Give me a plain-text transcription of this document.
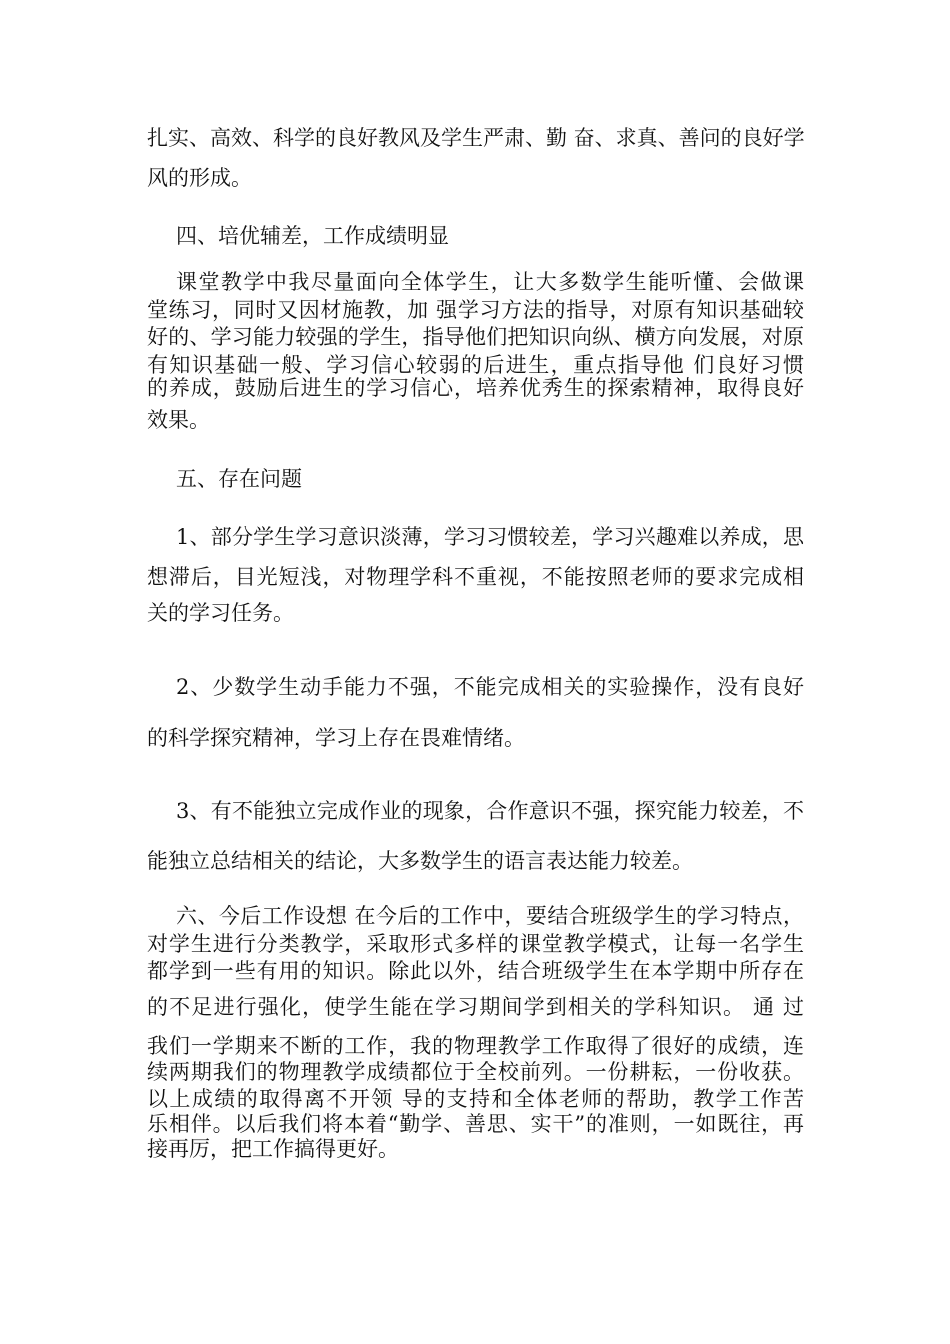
扎实、高效、科学的良好教风及学生严肃、勤 奋、求真、善问的良好学
风的形成。
四、培优辅差，工作成绩明显
课堂教学中我尽量面向全体学生，让大多数学生能听懂、会做课
堂练习，同时又因材施教，加 强学习方法的指导，对原有知识基础较
好的、学习能力较强的学生，指导他们把知识向纵、横方向发展，对原
有知识基础一般、学习信心较弱的后进生，重点指导他 们良好习惯
的养成，鼓励后进生的学习信心，培养优秀生的探索精神，取得良好
效果。
五、存在问题
1、部分学生学习意识淡薄，学习习惯较差，学习兴趣难以养成，思
想滞后，目光短浅，对物理学科不重视，不能按照老师的要求完成相
关的学习任务。
2、少数学生动手能力不强，不能完成相关的实验操作，没有良好
的科学探究精神，学习上存在畏难情绪。
3、有不能独立完成作业的现象，合作意识不强，探究能力较差，不
能独立总结相关的结论，大多数学生的语言表达能力较差。
六、今后工作设想 在今后的工作中，要结合班级学生的学习特点，
对学生进行分类教学，采取形式多样的课堂教学模式，让每一名学生
都学到一些有用的知识。除此以外，结合班级学生在本学期中所存在
的不足进行强化，使学生能在学习期间学到相关的学科知识。 通 过
我们一学期来不断的工作，我的物理教学工作取得了很好的成绩，连
续两期我们的物理教学成绩都位于全校前列。一份耕耘，一份收获。
以上成绩的取得离不开领 导的支持和全体老师的帮助，教学工作苦
乐相伴。以后我们将本着“勤学、善思、实干”的准则，一如既往，再
接再厉，把工作搞得更好。
